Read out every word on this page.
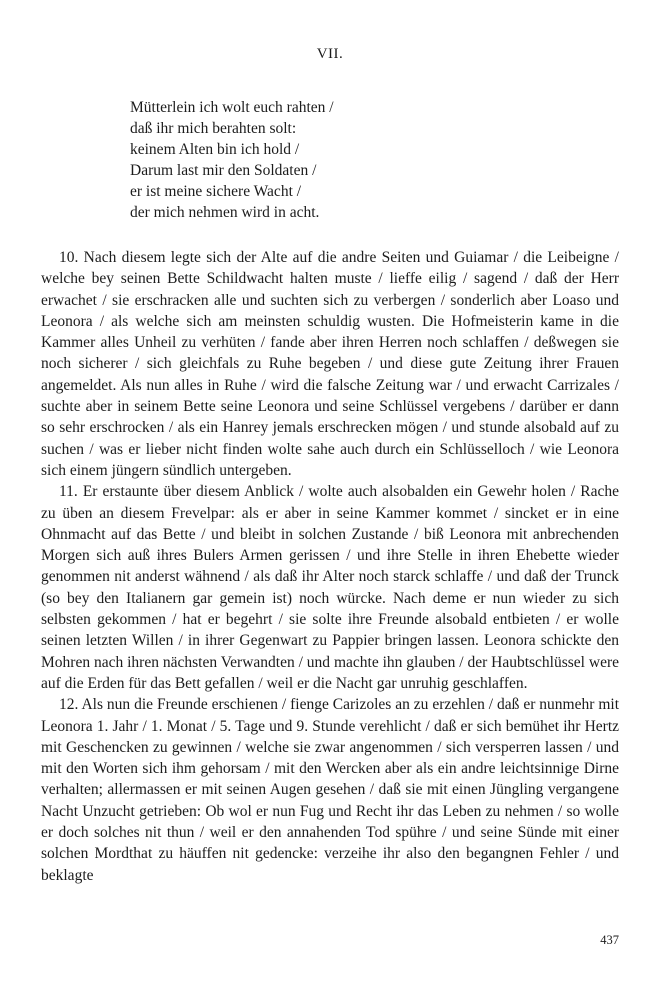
VII.
Mütterlein ich wolt euch rahten /
daß ihr mich berahten solt:
keinem Alten bin ich hold /
Darum last mir den Soldaten /
er ist meine sichere Wacht /
der mich nehmen wird in acht.

10. Nach diesem legte sich der Alte auf die andre Seiten und Guiamar / die Leibeigne / welche bey seinen Bette Schildwacht halten muste / lieffe eilig / sagend / daß der Herr erwachet / sie erschracken alle und suchten sich zu verbergen / sonderlich aber Loaso und Leonora / als welche sich am meinsten schuldig wusten. Die Hofmeisterin kame in die Kammer alles Unheil zu verhüten / fande aber ihren Herren noch schlaffen / deßwegen sie noch sicherer / sich gleichfals zu Ruhe begeben / und diese gute Zeitung ihrer Frauen angemeldet. Als nun alles in Ruhe / wird die falsche Zeitung war / und erwacht Carrizales / suchte aber in seinem Bette seine Leonora und seine Schlüssel vergebens / darüber er dann so sehr erschrocken / als ein Hanrey jemals erschrecken mögen / und stunde alsobald auf zu suchen / was er lieber nicht finden wolte sahe auch durch ein Schlüsselloch / wie Leonora sich einem jüngern sündlich untergeben.

11. Er erstaunte über diesem Anblick / wolte auch alsobalden ein Gewehr holen / Rache zu üben an diesem Frevelpar: als er aber in seine Kammer kommet / sincket er in eine Ohnmacht auf das Bette / und bleibt in solchen Zustande / biß Leonora mit anbrechenden Morgen sich auß ihres Bulers Armen gerissen / und ihre Stelle in ihren Ehebette wieder genommen nit anderst wähnend / als daß ihr Alter noch starck schlaffe / und daß der Trunck (so bey den Italianern gar gemein ist) noch würcke. Nach deme er nun wieder zu sich selbsten gekommen / hat er begehrt / sie solte ihre Freunde alsobald entbieten / er wolle seinen letzten Willen / in ihrer Gegenwart zu Pappier bringen lassen. Leonora schickte den Mohren nach ihren nächsten Verwandten / und machte ihn glauben / der Haubtschlüssel were auf die Erden für das Bett gefallen / weil er die Nacht gar unruhig geschlaffen.

12. Als nun die Freunde erschienen / fienge Carizoles an zu erzehlen / daß er nunmehr mit Leonora 1. Jahr / 1. Monat / 5. Tage und 9. Stunde verehlicht / daß er sich bemühet ihr Hertz mit Geschencken zu gewinnen / welche sie zwar angenommen / sich versperren lassen / und mit den Worten sich ihm gehorsam / mit den Wercken aber als ein andre leichtsinnige Dirne verhalten; allermassen er mit seinen Augen gesehen / daß sie mit einen Jüngling vergangene Nacht Unzucht getrieben: Ob wol er nun Fug und Recht ihr das Leben zu nehmen / so wolle er doch solches nit thun / weil er den annahenden Tod spühre / und seine Sünde mit einer solchen Mordthat zu häuffen nit gedencke: verzeihe ihr also den begangnen Fehler / und beklagte

437
